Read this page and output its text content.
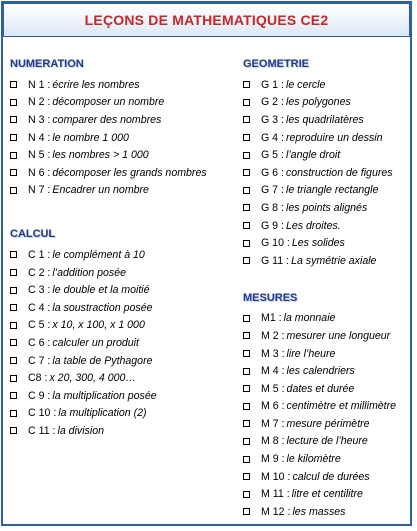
LEÇONS DE MATHEMATIQUES CE2
NUMERATION
N 1 : écrire les nombres
N 2 : décomposer un nombre
N 3 : comparer des nombres
N 4 : le nombre 1 000
N 5 : les nombres > 1 000
N 6 : décomposer les grands nombres
N 7 : Encadrer un nombre
CALCUL
C 1 : le complément à 10
C 2 : l’addition posée
C 3 : le double et la moitié
C 4 : la soustraction posée
C 5 : x 10, x 100, x 1 000
C 6 : calculer un produit
C 7 : la table de Pythagore
C8 : x 20, 300, 4 000…
C 9 : la multiplication posée
C 10 : la multiplication (2)
C 11 : la division
GEOMETRIE
G 1 : le cercle
G 2 : les polygones
G 3 : les quadrilatères
G 4 : reproduire un dessin
G 5 : l’angle droit
G 6 : construction de figures
G 7 : le triangle rectangle
G 8 : les points alignés
G 9 : Les droites.
G 10 : Les solides
G 11 : La symétrie axiale
MESURES
M1 : la monnaie
M 2 : mesurer une longueur
M 3 : lire l’heure
M 4 : les calendriers
M 5 : dates et durée
M 6 : centimètre et millimètre
M 7 : mesure périmètre
M 8 : lecture de l’heure
M 9 : le kilomètre
M 10 : calcul de durées
M 11 : litre et centilitre
M 12 : les masses
